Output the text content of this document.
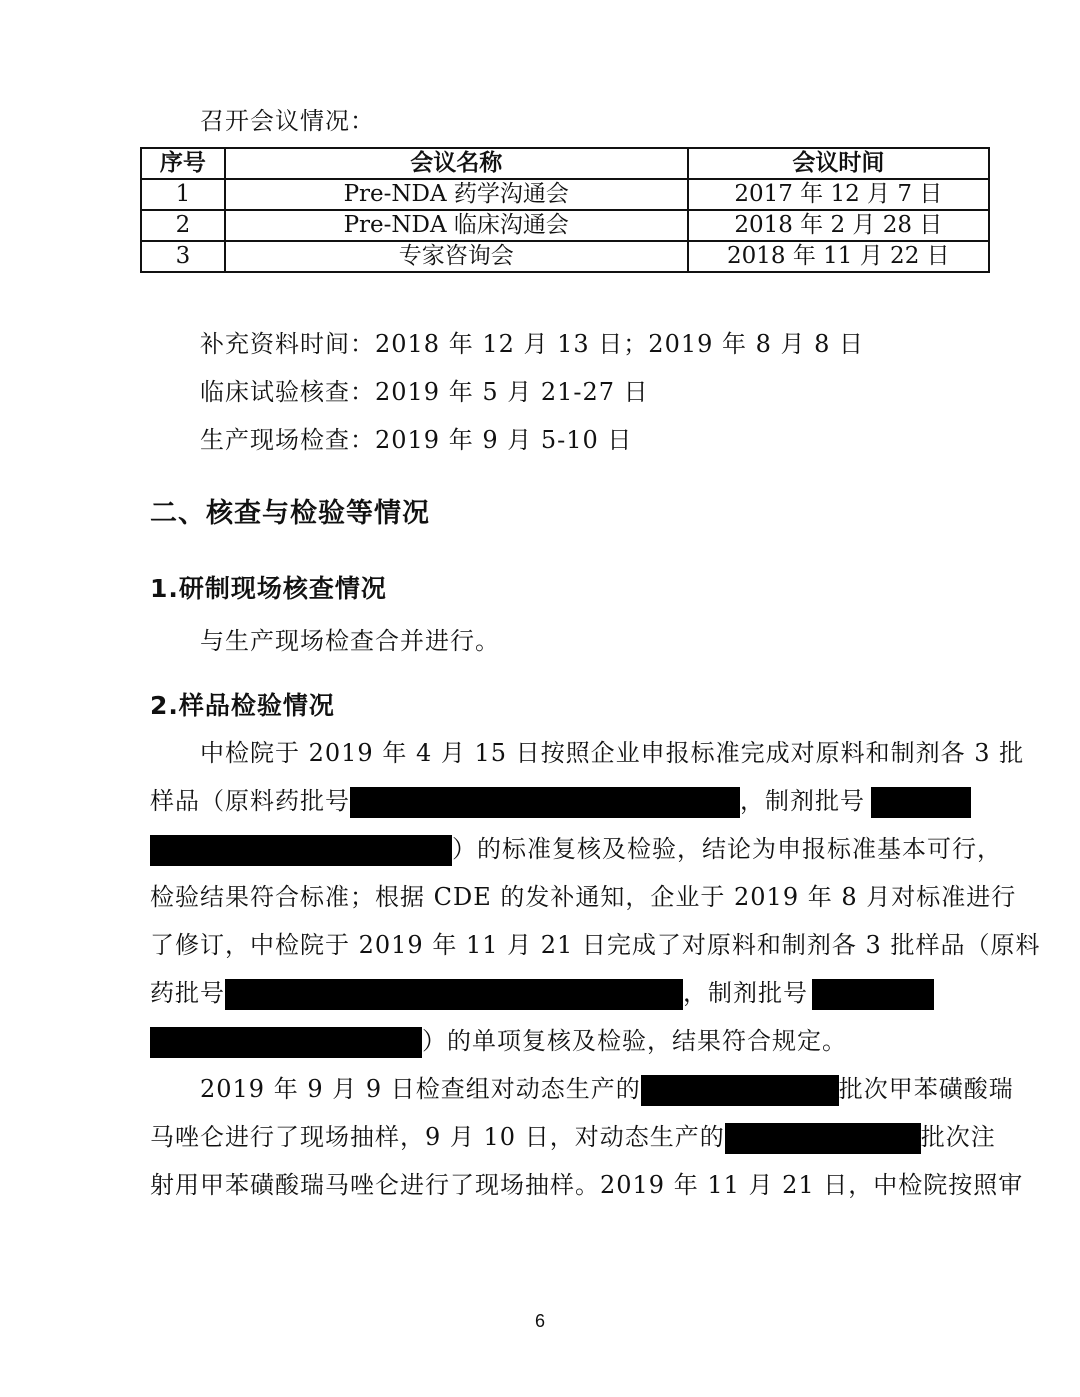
召开会议情况：
序号	会议名称	会议时间
1	Pre-NDA 药学沟通会	2017 年 12 月 7 日
2	Pre-NDA 临床沟通会	2018 年 2 月 28 日
3	专家咨询会	2018 年 11 月 22 日
补充资料时间：2018 年 12 月 13 日；2019 年 8 月 8 日
临床试验核查：2019 年 5 月 21-27 日
生产现场检查：2019 年 9 月 5-10 日
二、核查与检验等情况
1.研制现场核查情况
与生产现场检查合并进行。
2.样品检验情况
中检院于 2019 年 4 月 15 日按照企业申报标准完成对原料和制剂各 3 批
样品（原料药批号	，制剂批号
）的标准复核及检验，结论为申报标准基本可行，
检验结果符合标准；根据 CDE 的发补通知，企业于 2019 年 8 月对标准进行
了修订，中检院于 2019 年 11 月 21 日完成了对原料和制剂各 3 批样品（原料
药批号	，制剂批号
）的单项复核及检验，结果符合规定。
2019 年 9 月 9 日检查组对动态生产的	批次甲苯磺酸瑞
马唑仑进行了现场抽样，9 月 10 日，对动态生产的	批次注
射用甲苯磺酸瑞马唑仑进行了现场抽样。2019 年 11 月 21 日，中检院按照审
6
